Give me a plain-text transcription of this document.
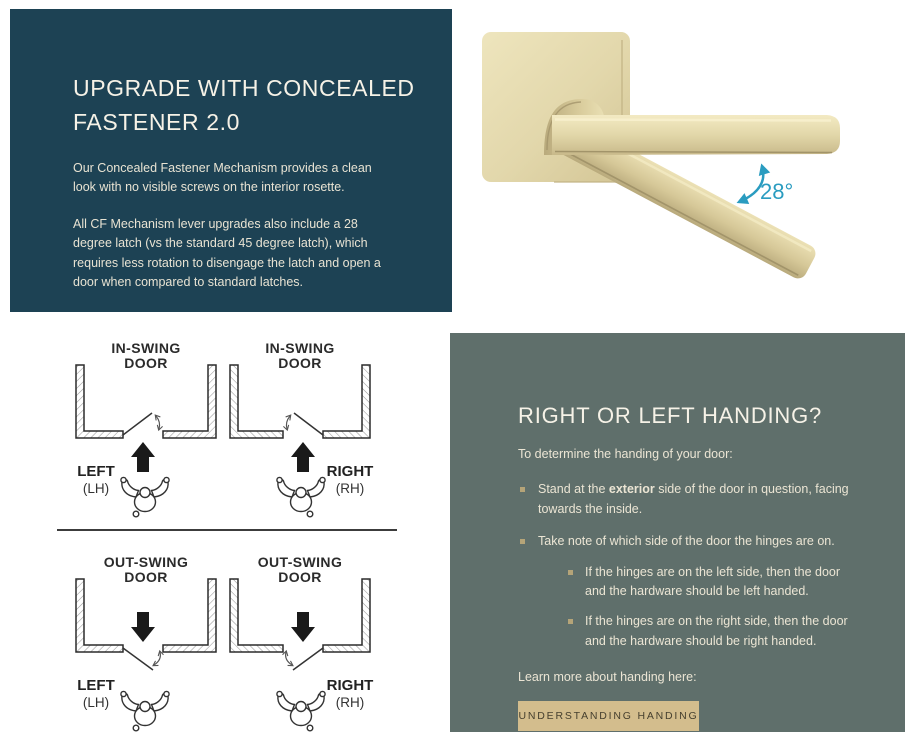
UPGRADE WITH CONCEALED FASTENER 2.0

Our Concealed Fastener Mechanism provides a clean look with no visible screws on the interior rosette.

All CF Mechanism lever upgrades also include a 28 degree latch (vs the standard 45 degree latch), which requires less rotation to disengage the latch and open a door when compared to standard latches.

28°
IN-SWING
DOOR
LEFT
(LH)
IN-SWING
DOOR
RIGHT
(RH)
OUT-SWING
DOOR
LEFT
(LH)
OUT-SWING
DOOR
RIGHT
(RH)
RIGHT OR LEFT HANDING?

To determine the handing of your door:

Stand at the exterior side of the door in question, facing towards the inside.
Take note of which side of the door the hinges are on.
If the hinges are on the left side, then the door and the hardware should be left handed.
If the hinges are on the right side, then the door and the hardware should be right handed.

Learn more about handing here:

UNDERSTANDING HANDING
